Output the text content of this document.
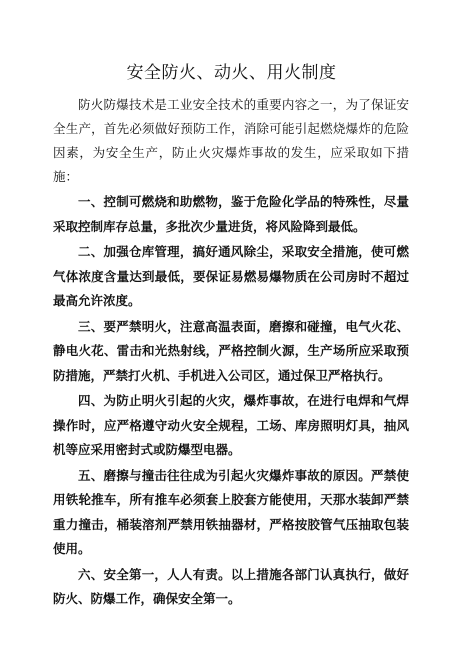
安全防火、动火、用火制度

防火防爆技术是工业安全技术的重要内容之一，为了保证安全生产，首先必须做好预防工作，消除可能引起燃烧爆炸的危险因素，为安全生产，防止火灾爆炸事故的发生，应采取如下措施：

一、控制可燃烧和助燃物，鉴于危险化学品的特殊性，尽量采取控制库存总量，多批次少量进货，将风险降到最低。

二、加强仓库管理，搞好通风除尘，采取安全措施，使可燃气体浓度含量达到最低，要保证易燃易爆物质在公司房时不超过最高允许浓度。

三、要严禁明火，注意高温表面，磨擦和碰撞，电气火花、静电火花、雷击和光热射线，严格控制火源，生产场所应采取预防措施，严禁打火机、手机进入公司区，通过保卫严格执行。

四、为防止明火引起的火灾，爆炸事故，在进行电焊和气焊操作时，应严格遵守动火安全规程，工场、库房照明灯具，抽风机等应采用密封式或防爆型电器。

五、磨擦与撞击往往成为引起火灾爆炸事故的原因。严禁使用铁轮推车，所有推车必须套上胶套方能使用，天那水装卸严禁重力撞击，桶装溶剂严禁用铁抽器材，严格按胶管气压抽取包装使用。

六、安全第一，人人有责。以上措施各部门认真执行，做好防火、防爆工作，确保安全第一。
